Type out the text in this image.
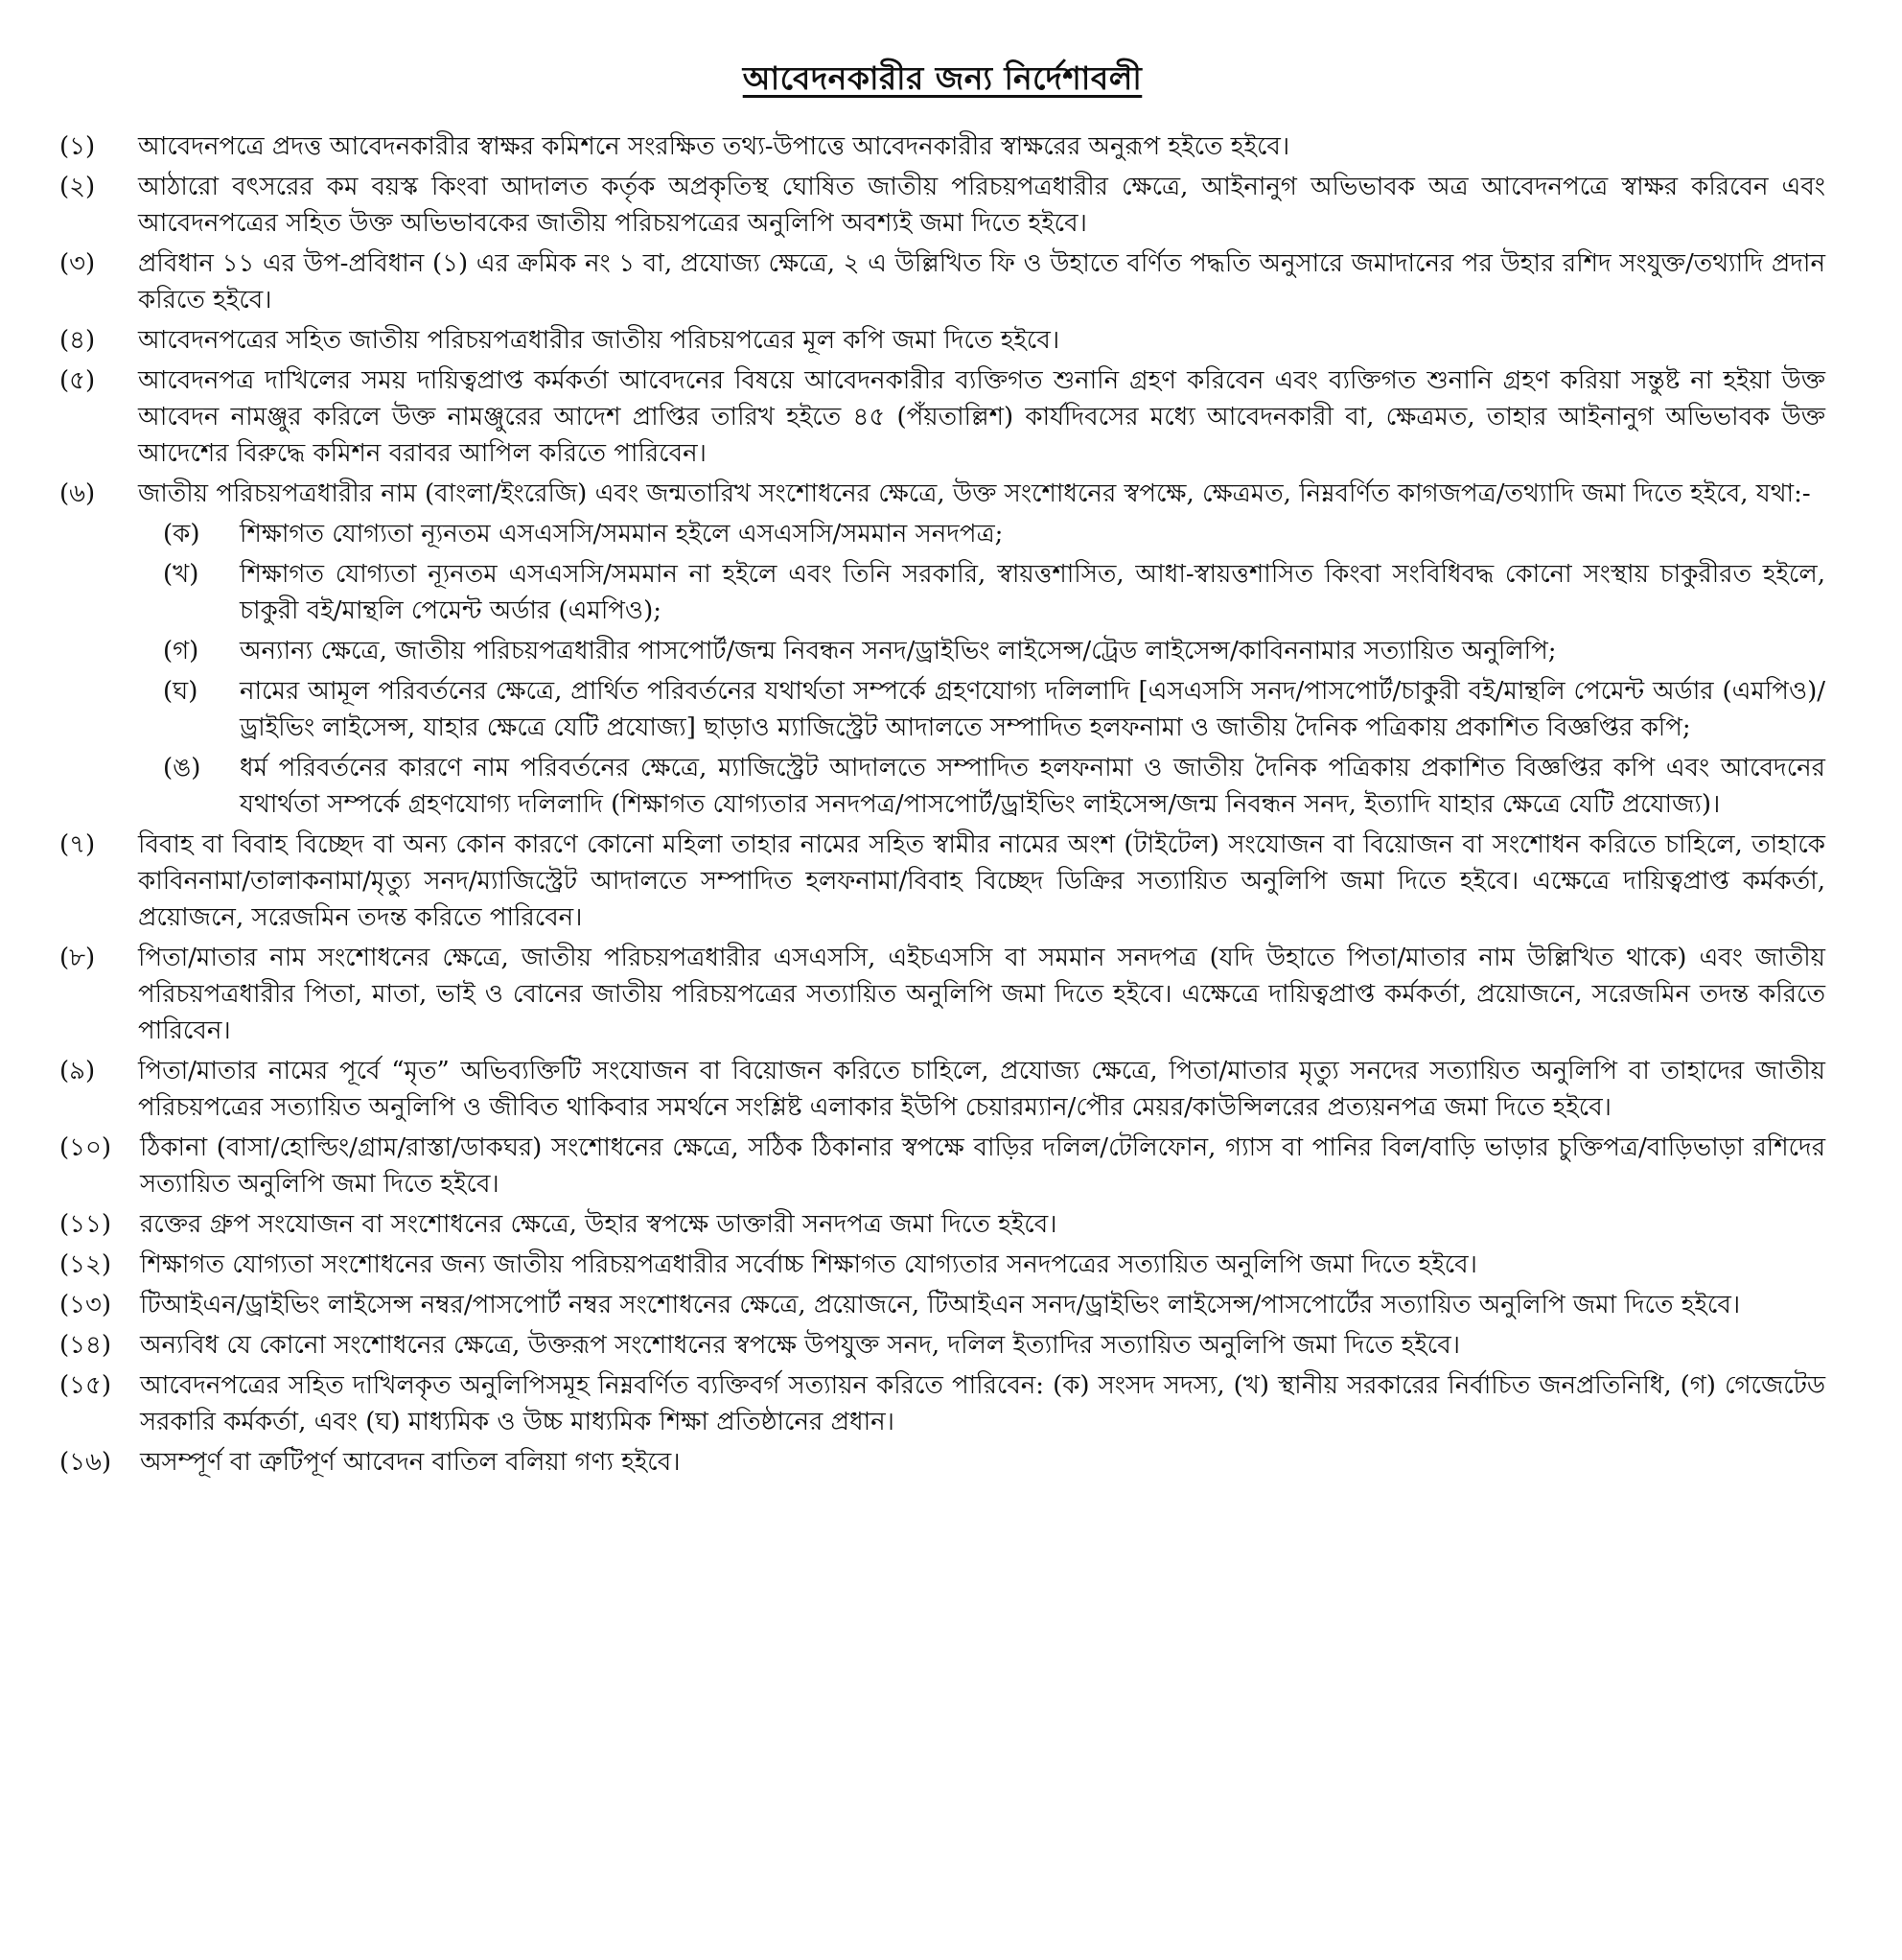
আবেদনকারীর জন্য নির্দেশাবলী
(১)	আবেদনপত্রে প্রদত্ত আবেদনকারীর স্বাক্ষর কমিশনে সংরক্ষিত তথ্য-উপাত্তে আবেদনকারীর স্বাক্ষরের অনুরূপ হইতে হইবে।
(২)	আঠারো বৎসরের কম বয়স্ক কিংবা আদালত কর্তৃক অপ্রকৃতিস্থ ঘোষিত জাতীয় পরিচয়পত্রধারীর ক্ষেত্রে, আইনানুগ অভিভাবক অত্র আবেদনপত্রে স্বাক্ষর করিবেন এবং আবেদনপত্রের সহিত উক্ত অভিভাবকের জাতীয় পরিচয়পত্রের অনুলিপি অবশ্যই জমা দিতে হইবে।
(৩)	প্রবিধান ১১ এর উপ-প্রবিধান (১) এর ক্রমিক নং ১ বা, প্রযোজ্য ক্ষেত্রে, ২ এ উল্লিখিত ফি ও উহাতে বর্ণিত পদ্ধতি অনুসারে জমাদানের পর উহার রশিদ সংযুক্ত/তথ্যাদি প্রদান করিতে হইবে।
(৪)	আবেদনপত্রের সহিত জাতীয় পরিচয়পত্রধারীর জাতীয় পরিচয়পত্রের মূল কপি জমা দিতে হইবে।
(৫)	আবেদনপত্র দাখিলের সময় দায়িত্বপ্রাপ্ত কর্মকর্তা আবেদনের বিষয়ে আবেদনকারীর ব্যক্তিগত শুনানি গ্রহণ করিবেন এবং ব্যক্তিগত শুনানি গ্রহণ করিয়া সন্তুষ্ট না হইয়া উক্ত আবেদন নামঞ্জুর করিলে উক্ত নামঞ্জুরের আদেশ প্রাপ্তির তারিখ হইতে ৪৫ (পঁয়তাল্লিশ) কার্যদিবসের মধ্যে আবেদনকারী বা, ক্ষেত্রমত, তাহার আইনানুগ অভিভাবক উক্ত আদেশের বিরুদ্ধে কমিশন বরাবর আপিল করিতে পারিবেন।
(৬)	জাতীয় পরিচয়পত্রধারীর নাম (বাংলা/ইংরেজি) এবং জন্মতারিখ সংশোধনের ক্ষেত্রে, উক্ত সংশোধনের স্বপক্ষে, ক্ষেত্রমত, নিম্নবর্ণিত কাগজপত্র/তথ্যাদি জমা দিতে হইবে, যথা:-
(ক)	শিক্ষাগত যোগ্যতা ন্যূনতম এসএসসি/সমমান হইলে এসএসসি/সমমান সনদপত্র;
(খ)	শিক্ষাগত যোগ্যতা ন্যূনতম এসএসসি/সমমান না হইলে এবং তিনি সরকারি, স্বায়ত্তশাসিত, আধা-স্বায়ত্তশাসিত কিংবা সংবিধিবদ্ধ কোনো সংস্থায় চাকুরীরত হইলে, চাকুরী বই/মান্থলি পেমেন্ট অর্ডার (এমপিও);
(গ)	অন্যান্য ক্ষেত্রে, জাতীয় পরিচয়পত্রধারীর পাসপোর্ট/জন্ম নিবন্ধন সনদ/ড্রাইভিং লাইসেন্স/ট্রেড লাইসেন্স/কাবিননামার সত্যায়িত অনুলিপি;
(ঘ)	নামের আমূল পরিবর্তনের ক্ষেত্রে, প্রার্থিত পরিবর্তনের যথার্থতা সম্পর্কে গ্রহণযোগ্য দলিলাদি [এসএসসি সনদ/পাসপোর্ট/চাকুরী বই/মান্থলি পেমেন্ট অর্ডার (এমপিও)/ড্রাইভিং লাইসেন্স, যাহার ক্ষেত্রে যেটি প্রযোজ্য] ছাড়াও ম্যাজিস্ট্রেট আদালতে সম্পাদিত হলফনামা ও জাতীয় দৈনিক পত্রিকায় প্রকাশিত বিজ্ঞপ্তির কপি;
(ঙ)	ধর্ম পরিবর্তনের কারণে নাম পরিবর্তনের ক্ষেত্রে, ম্যাজিস্ট্রেট আদালতে সম্পাদিত হলফনামা ও জাতীয় দৈনিক পত্রিকায় প্রকাশিত বিজ্ঞপ্তির কপি এবং আবেদনের যথার্থতা সম্পর্কে গ্রহণযোগ্য দলিলাদি (শিক্ষাগত যোগ্যতার সনদপত্র/পাসপোর্ট/ড্রাইভিং লাইসেন্স/জন্ম নিবন্ধন সনদ, ইত্যাদি যাহার ক্ষেত্রে যেটি প্রযোজ্য)।
(৭)	বিবাহ বা বিবাহ বিচ্ছেদ বা অন্য কোন কারণে কোনো মহিলা তাহার নামের সহিত স্বামীর নামের অংশ (টাইটেল) সংযোজন বা বিয়োজন বা সংশোধন করিতে চাহিলে, তাহাকে কাবিননামা/তালাকনামা/মৃত্যু সনদ/ম্যাজিস্ট্রেট আদালতে সম্পাদিত হলফনামা/বিবাহ বিচ্ছেদ ডিক্রির সত্যায়িত অনুলিপি জমা দিতে হইবে। এক্ষেত্রে দায়িত্বপ্রাপ্ত কর্মকর্তা, প্রয়োজনে, সরেজমিন তদন্ত করিতে পারিবেন।
(৮)	পিতা/মাতার নাম সংশোধনের ক্ষেত্রে, জাতীয় পরিচয়পত্রধারীর এসএসসি, এইচএসসি বা সমমান সনদপত্র (যদি উহাতে পিতা/মাতার নাম উল্লিখিত থাকে) এবং জাতীয় পরিচয়পত্রধারীর পিতা, মাতা, ভাই ও বোনের জাতীয় পরিচয়পত্রের সত্যায়িত অনুলিপি জমা দিতে হইবে। এক্ষেত্রে দায়িত্বপ্রাপ্ত কর্মকর্তা, প্রয়োজনে, সরেজমিন তদন্ত করিতে পারিবেন।
(৯)	পিতা/মাতার নামের পূর্বে “মৃত” অভিব্যক্তিটি সংযোজন বা বিয়োজন করিতে চাহিলে, প্রযোজ্য ক্ষেত্রে, পিতা/মাতার মৃত্যু সনদের সত্যায়িত অনুলিপি বা তাহাদের জাতীয় পরিচয়পত্রের সত্যায়িত অনুলিপি ও জীবিত থাকিবার সমর্থনে সংশ্লিষ্ট এলাকার ইউপি চেয়ারম্যান/পৌর মেয়র/কাউন্সিলরের প্রত্যয়নপত্র জমা দিতে হইবে।
(১০)	ঠিকানা (বাসা/হোল্ডিং/গ্রাম/রাস্তা/ডাকঘর) সংশোধনের ক্ষেত্রে, সঠিক ঠিকানার স্বপক্ষে বাড়ির দলিল/টেলিফোন, গ্যাস বা পানির বিল/বাড়ি ভাড়ার চুক্তিপত্র/বাড়িভাড়া রশিদের সত্যায়িত অনুলিপি জমা দিতে হইবে।
(১১)	রক্তের গ্রুপ সংযোজন বা সংশোধনের ক্ষেত্রে, উহার স্বপক্ষে ডাক্তারী সনদপত্র জমা দিতে হইবে।
(১২)	শিক্ষাগত যোগ্যতা সংশোধনের জন্য জাতীয় পরিচয়পত্রধারীর সর্বোচ্চ শিক্ষাগত যোগ্যতার সনদপত্রের সত্যায়িত অনুলিপি জমা দিতে হইবে।
(১৩)	টিআইএন/ড্রাইভিং লাইসেন্স নম্বর/পাসপোর্ট নম্বর সংশোধনের ক্ষেত্রে, প্রয়োজনে, টিআইএন সনদ/ড্রাইভিং লাইসেন্স/পাসপোর্টের সত্যায়িত অনুলিপি জমা দিতে হইবে।
(১৪)	অন্যবিধ যে কোনো সংশোধনের ক্ষেত্রে, উক্তরূপ সংশোধনের স্বপক্ষে উপযুক্ত সনদ, দলিল ইত্যাদির সত্যায়িত অনুলিপি জমা দিতে হইবে।
(১৫)	আবেদনপত্রের সহিত দাখিলকৃত অনুলিপিসমূহ নিম্নবর্ণিত ব্যক্তিবর্গ সত্যায়ন করিতে পারিবেন: (ক) সংসদ সদস্য, (খ) স্থানীয় সরকারের নির্বাচিত জনপ্রতিনিধি, (গ) গেজেটেড সরকারি কর্মকর্তা, এবং (ঘ) মাধ্যমিক ও উচ্চ মাধ্যমিক শিক্ষা প্রতিষ্ঠানের প্রধান।
(১৬)	অসম্পূর্ণ বা ত্রুটিপূর্ণ আবেদন বাতিল বলিয়া গণ্য হইবে।
